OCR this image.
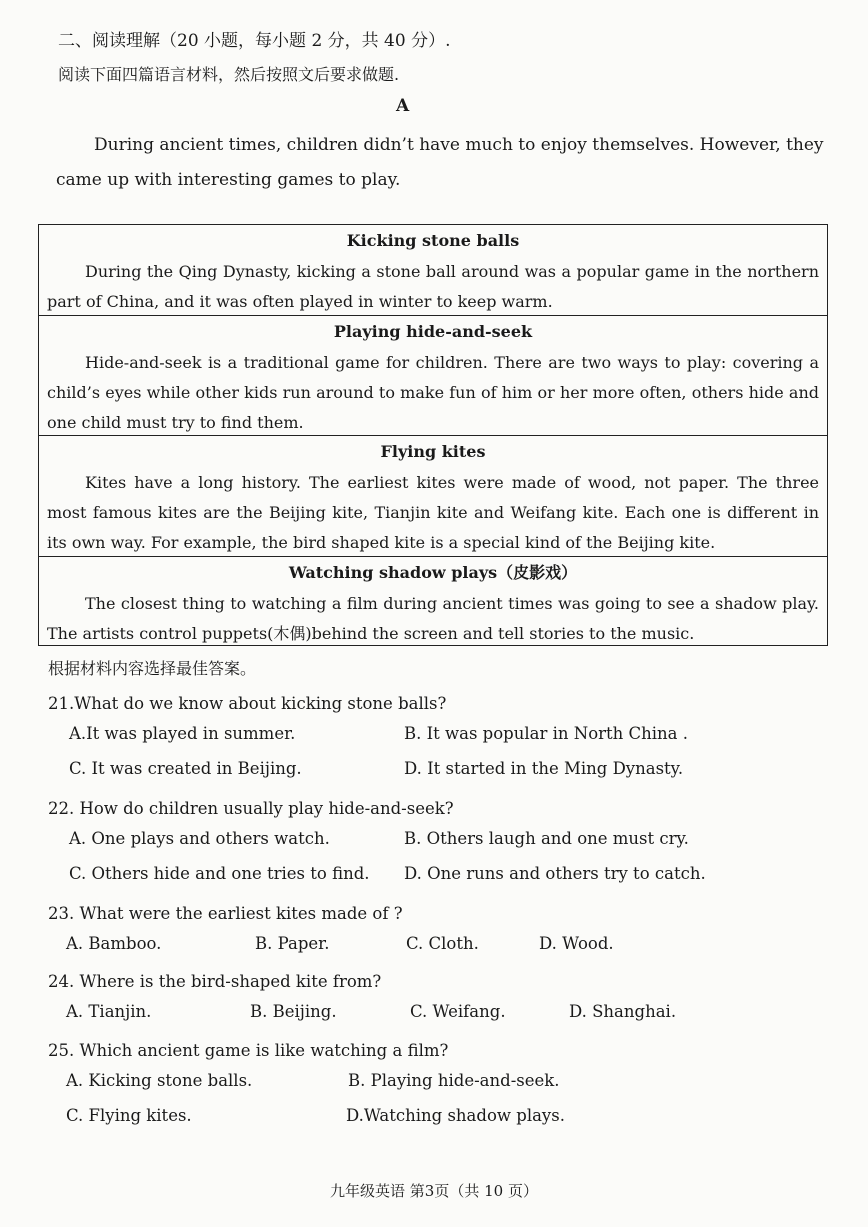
二、阅读理解（20 小题，每小题 2 分，共 40 分）.
阅读下面四篇语言材料，然后按照文后要求做题.
A
During ancient times, children didn’t have much to enjoy themselves. However, they came up with interesting games to play.
Kicking stone balls
During the Qing Dynasty, kicking a stone ball around was a popular game in the northern part of China, and it was often played in winter to keep warm.
Playing hide-and-seek
Hide-and-seek is a traditional game for children. There are two ways to play: covering a child’s eyes while other kids run around to make fun of him or her more often, others hide and one child must try to find them.
Flying kites
Kites have a long history. The earliest kites were made of wood, not paper. The three most famous kites are the Beijing kite, Tianjin kite and Weifang kite. Each one is different in its own way. For example, the bird shaped kite is a special kind of the Beijing kite.
Watching shadow plays（皮影戏）
The closest thing to watching a film during ancient times was going to see a shadow play. The artists control puppets(木偶)behind the screen and tell stories to the music.
根据材料内容选择最佳答案。
21.What do we know about kicking stone balls?
A.It was played in summer.	B. It was popular in North China .
C. It was created in Beijing.	D. It started in the Ming Dynasty.
22. How do children usually play hide-and-seek?
A. One plays and others watch.	B. Others laugh and one must cry.
C. Others hide and one tries to find. D. One runs and others try to catch.
23. What were the earliest kites made of ?
A. Bamboo.	B. Paper.	C. Cloth.	D. Wood.
24. Where is the bird-shaped kite from?
A. Tianjin.	B. Beijing.	C. Weifang.	D. Shanghai.
25. Which ancient game is like watching a film?
A. Kicking stone balls.	B. Playing hide-and-seek.
C. Flying kites.	D.Watching shadow plays.
九年级英语 第3页（共 10 页）
